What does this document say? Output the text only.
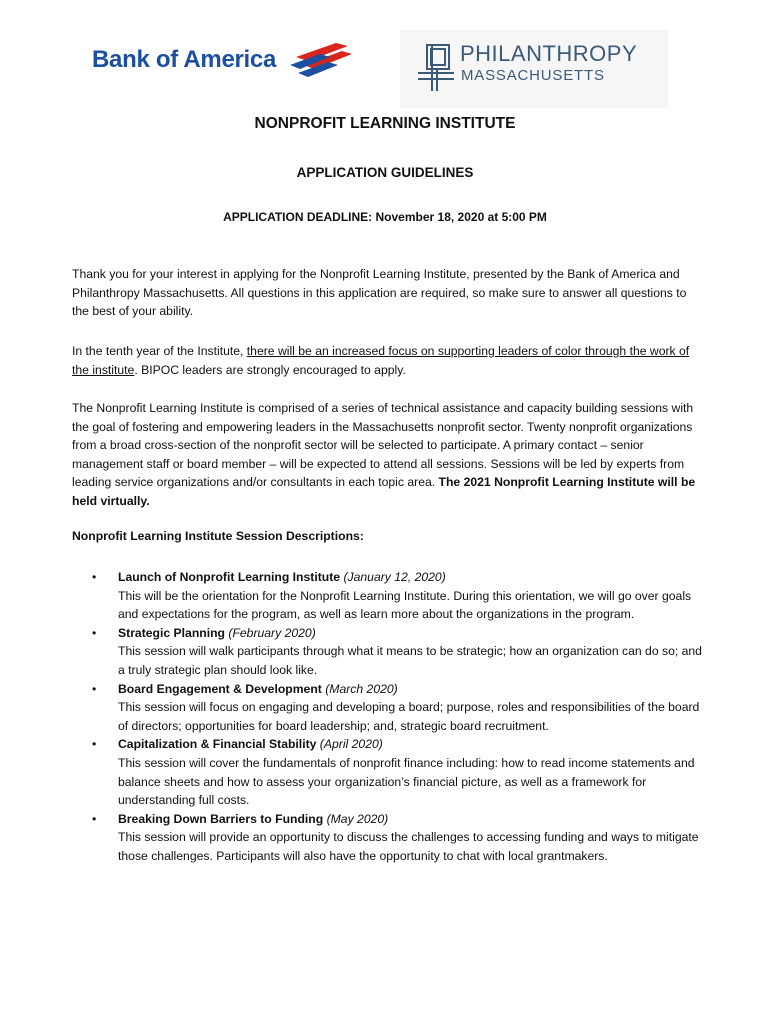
Bank of America	PHILANTHROPY
MASSACHUSETTS
NONPROFIT LEARNING INSTITUTE
APPLICATION GUIDELINES
APPLICATION DEADLINE: November 18, 2020 at 5:00 PM

Thank you for your interest in applying for the Nonprofit Learning Institute, presented by the Bank of America and Philanthropy Massachusetts. All questions in this application are required, so make sure to answer all questions to the best of your ability.

In the tenth year of the Institute, there will be an increased focus on supporting leaders of color through the work of the institute. BIPOC leaders are strongly encouraged to apply.

The Nonprofit Learning Institute is comprised of a series of technical assistance and capacity building sessions with the goal of fostering and empowering leaders in the Massachusetts nonprofit sector. Twenty nonprofit organizations from a broad cross-section of the nonprofit sector will be selected to participate. A primary contact – senior management staff or board member – will be expected to attend all sessions. Sessions will be led by experts from leading service organizations and/or consultants in each topic area. The 2021 Nonprofit Learning Institute will be held virtually.

Nonprofit Learning Institute Session Descriptions:
• Launch of Nonprofit Learning Institute (January 12, 2020)
This will be the orientation for the Nonprofit Learning Institute. During this orientation, we will go over goals and expectations for the program, as well as learn more about the organizations in the program.
• Strategic Planning (February 2020)
This session will walk participants through what it means to be strategic; how an organization can do so; and a truly strategic plan should look like.
• Board Engagement & Development (March 2020)
This session will focus on engaging and developing a board; purpose, roles and responsibilities of the board of directors; opportunities for board leadership; and, strategic board recruitment.
• Capitalization & Financial Stability (April 2020)
This session will cover the fundamentals of nonprofit finance including: how to read income statements and balance sheets and how to assess your organization’s financial picture, as well as a framework for understanding full costs.
• Breaking Down Barriers to Funding (May 2020)
This session will provide an opportunity to discuss the challenges to accessing funding and ways to mitigate those challenges. Participants will also have the opportunity to chat with local grantmakers.
